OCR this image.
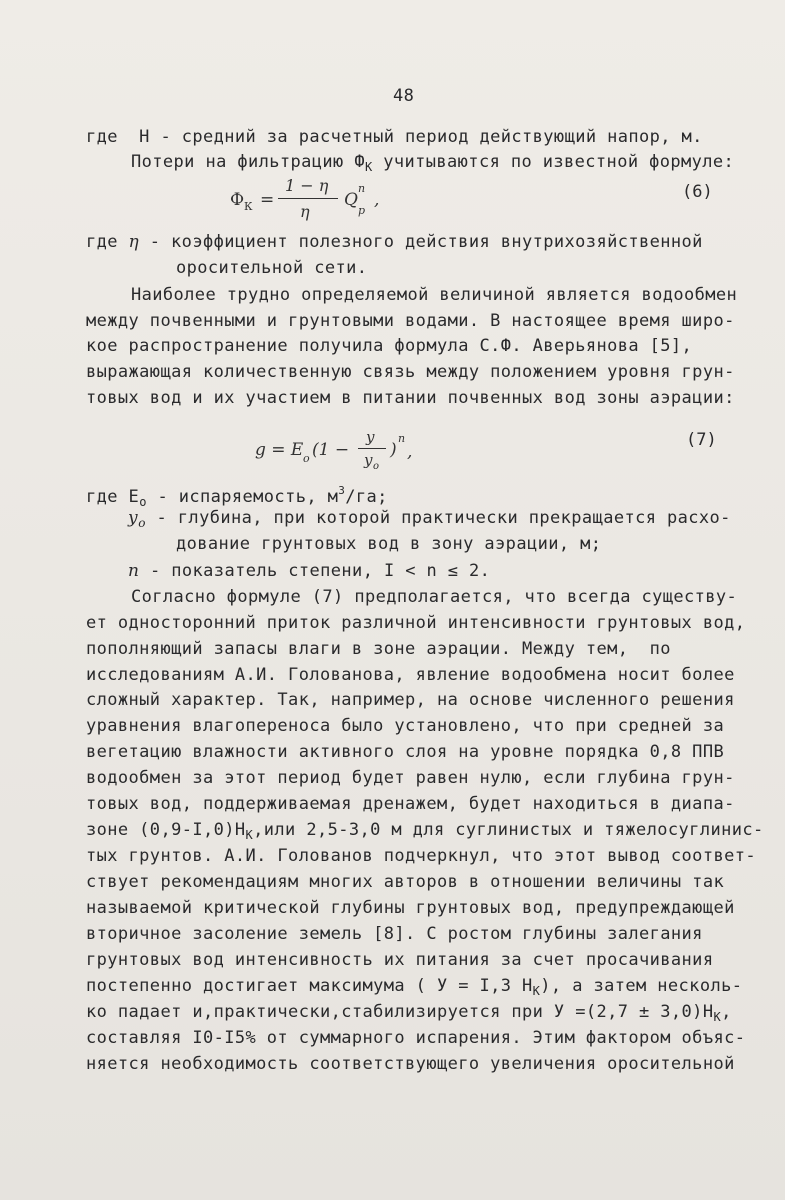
48
где  Н - средний за расчетный период действующий напор, м.
Потери на фильтрацию $Ф_К$ учитываются по известной формуле:
Ф К =
1 − η
η
Q
n
р
,	(6)
где η - коэффициент полезного действия внутрихозяйственной
оросительной сети.
Наиболее трудно определяемой величиной является водообмен
между почвенными и грунтовыми водами. В настоящее время широ-
кое распространение получила формула С.Ф. Аверьянова [5],
выражающая количественную связь между положением уровня грун-
товых вод и их участием в питании почвенных вод зоны аэрации:
g = E o (1 −
y
y o
)
n
,
(7)
где $Е_о$ - испаряемость, $м^3/га$;
$у_о$ - глубина, при которой практически прекращается расхо-
дование грунтовых вод в зону аэрации, м;
n - показатель степени, I < n ≤ 2.
Согласно формуле (7) предполагается, что всегда существу-
ет односторонний приток различной интенсивности грунтовых вод,
пополняющий запасы влаги в зоне аэрации. Между тем,  по
исследованиям А.И. Голованова, явление водообмена носит более
сложный характер. Так, например, на основе численного решения
уравнения влагопереноса было установлено, что при средней за
вегетацию влажности активного слоя на уровне порядка 0,8 ППВ
водообмен за этот период будет равен нулю, если глубина грун-
товых вод, поддерживаемая дренажем, будет находиться в диапа-
зоне $(0,9-I,0)Н_К,или$ 2,5-3,0 м для суглинистых и тяжелосуглинис-
тых грунтов. А.И. Голованов подчеркнул, что этот вывод соответ-
ствует рекомендациям многих авторов в отношении величины так
называемой критической глубины грунтовых вод, предупреждающей
вторичное засоление земель [8]. С ростом глубины залегания
грунтовых вод интенсивность их питания за счет просачивания
постепенно достигает максимума ( У = I,3 $Н_К$), а затем несколь-
ко падает и,практически,стабилизируется при $У =(2,7 \pm 3,0)Н_К$,
составляя I0-I5% от суммарного испарения. Этим фактором объяс-
няется необходимость соответствующего увеличения оросительной
